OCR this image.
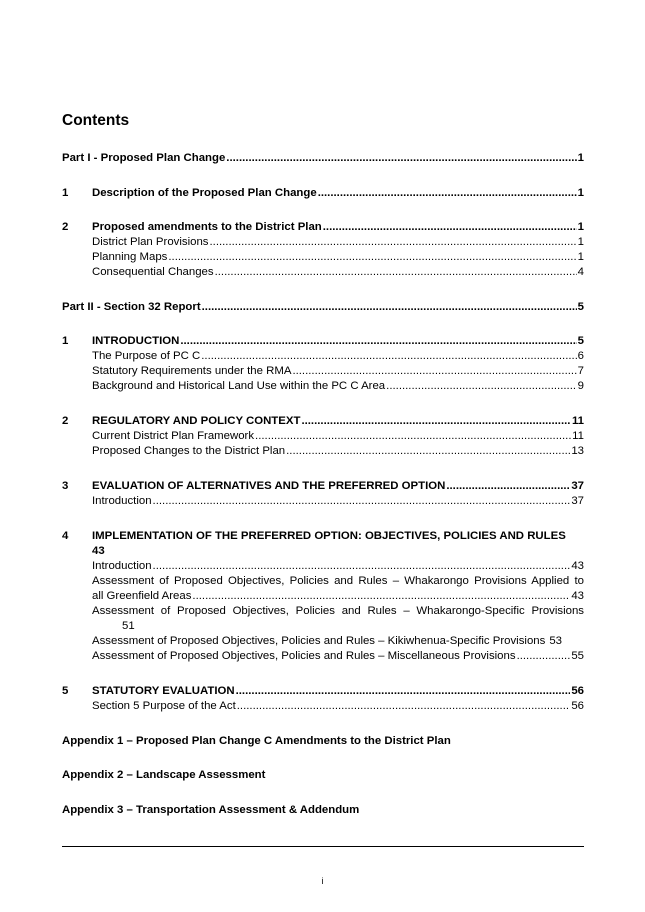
Contents
Part I - Proposed Plan Change .....	1
1 Description of the Proposed Plan Change .....	1
2 Proposed amendments to the District Plan .....	1
District Plan Provisions .....	1
Planning Maps .....	1
Consequential Changes .....	4
Part II - Section 32 Report .....	5
1 INTRODUCTION .....	5
The Purpose of PC C .....	6
Statutory Requirements under the RMA .....	7
Background and Historical Land Use within the PC C Area .....	9
2 REGULATORY AND POLICY CONTEXT .....	11
Current District Plan Framework .....	11
Proposed Changes to the District Plan .....	13
3 EVALUATION OF ALTERNATIVES AND THE PREFERRED OPTION .....	37
Introduction .....	37
4 IMPLEMENTATION OF THE PREFERRED OPTION: OBJECTIVES, POLICIES AND RULES
43
Introduction .....	43
Assessment of Proposed Objectives, Policies and Rules – Whakarongo Provisions Applied to
all Greenfield Areas .....	43
Assessment of Proposed Objectives, Policies and Rules – Whakarongo-Specific Provisions
51
Assessment of Proposed Objectives, Policies and Rules – Kikiwhenua-Specific Provisions 53
Assessment of Proposed Objectives, Policies and Rules – Miscellaneous Provisions .....	55
5 STATUTORY EVALUATION .....	56
Section 5 Purpose of the Act .....	56
Appendix 1 – Proposed Plan Change C Amendments to the District Plan
Appendix 2 – Landscape Assessment
Appendix 3 – Transportation Assessment & Addendum
i
